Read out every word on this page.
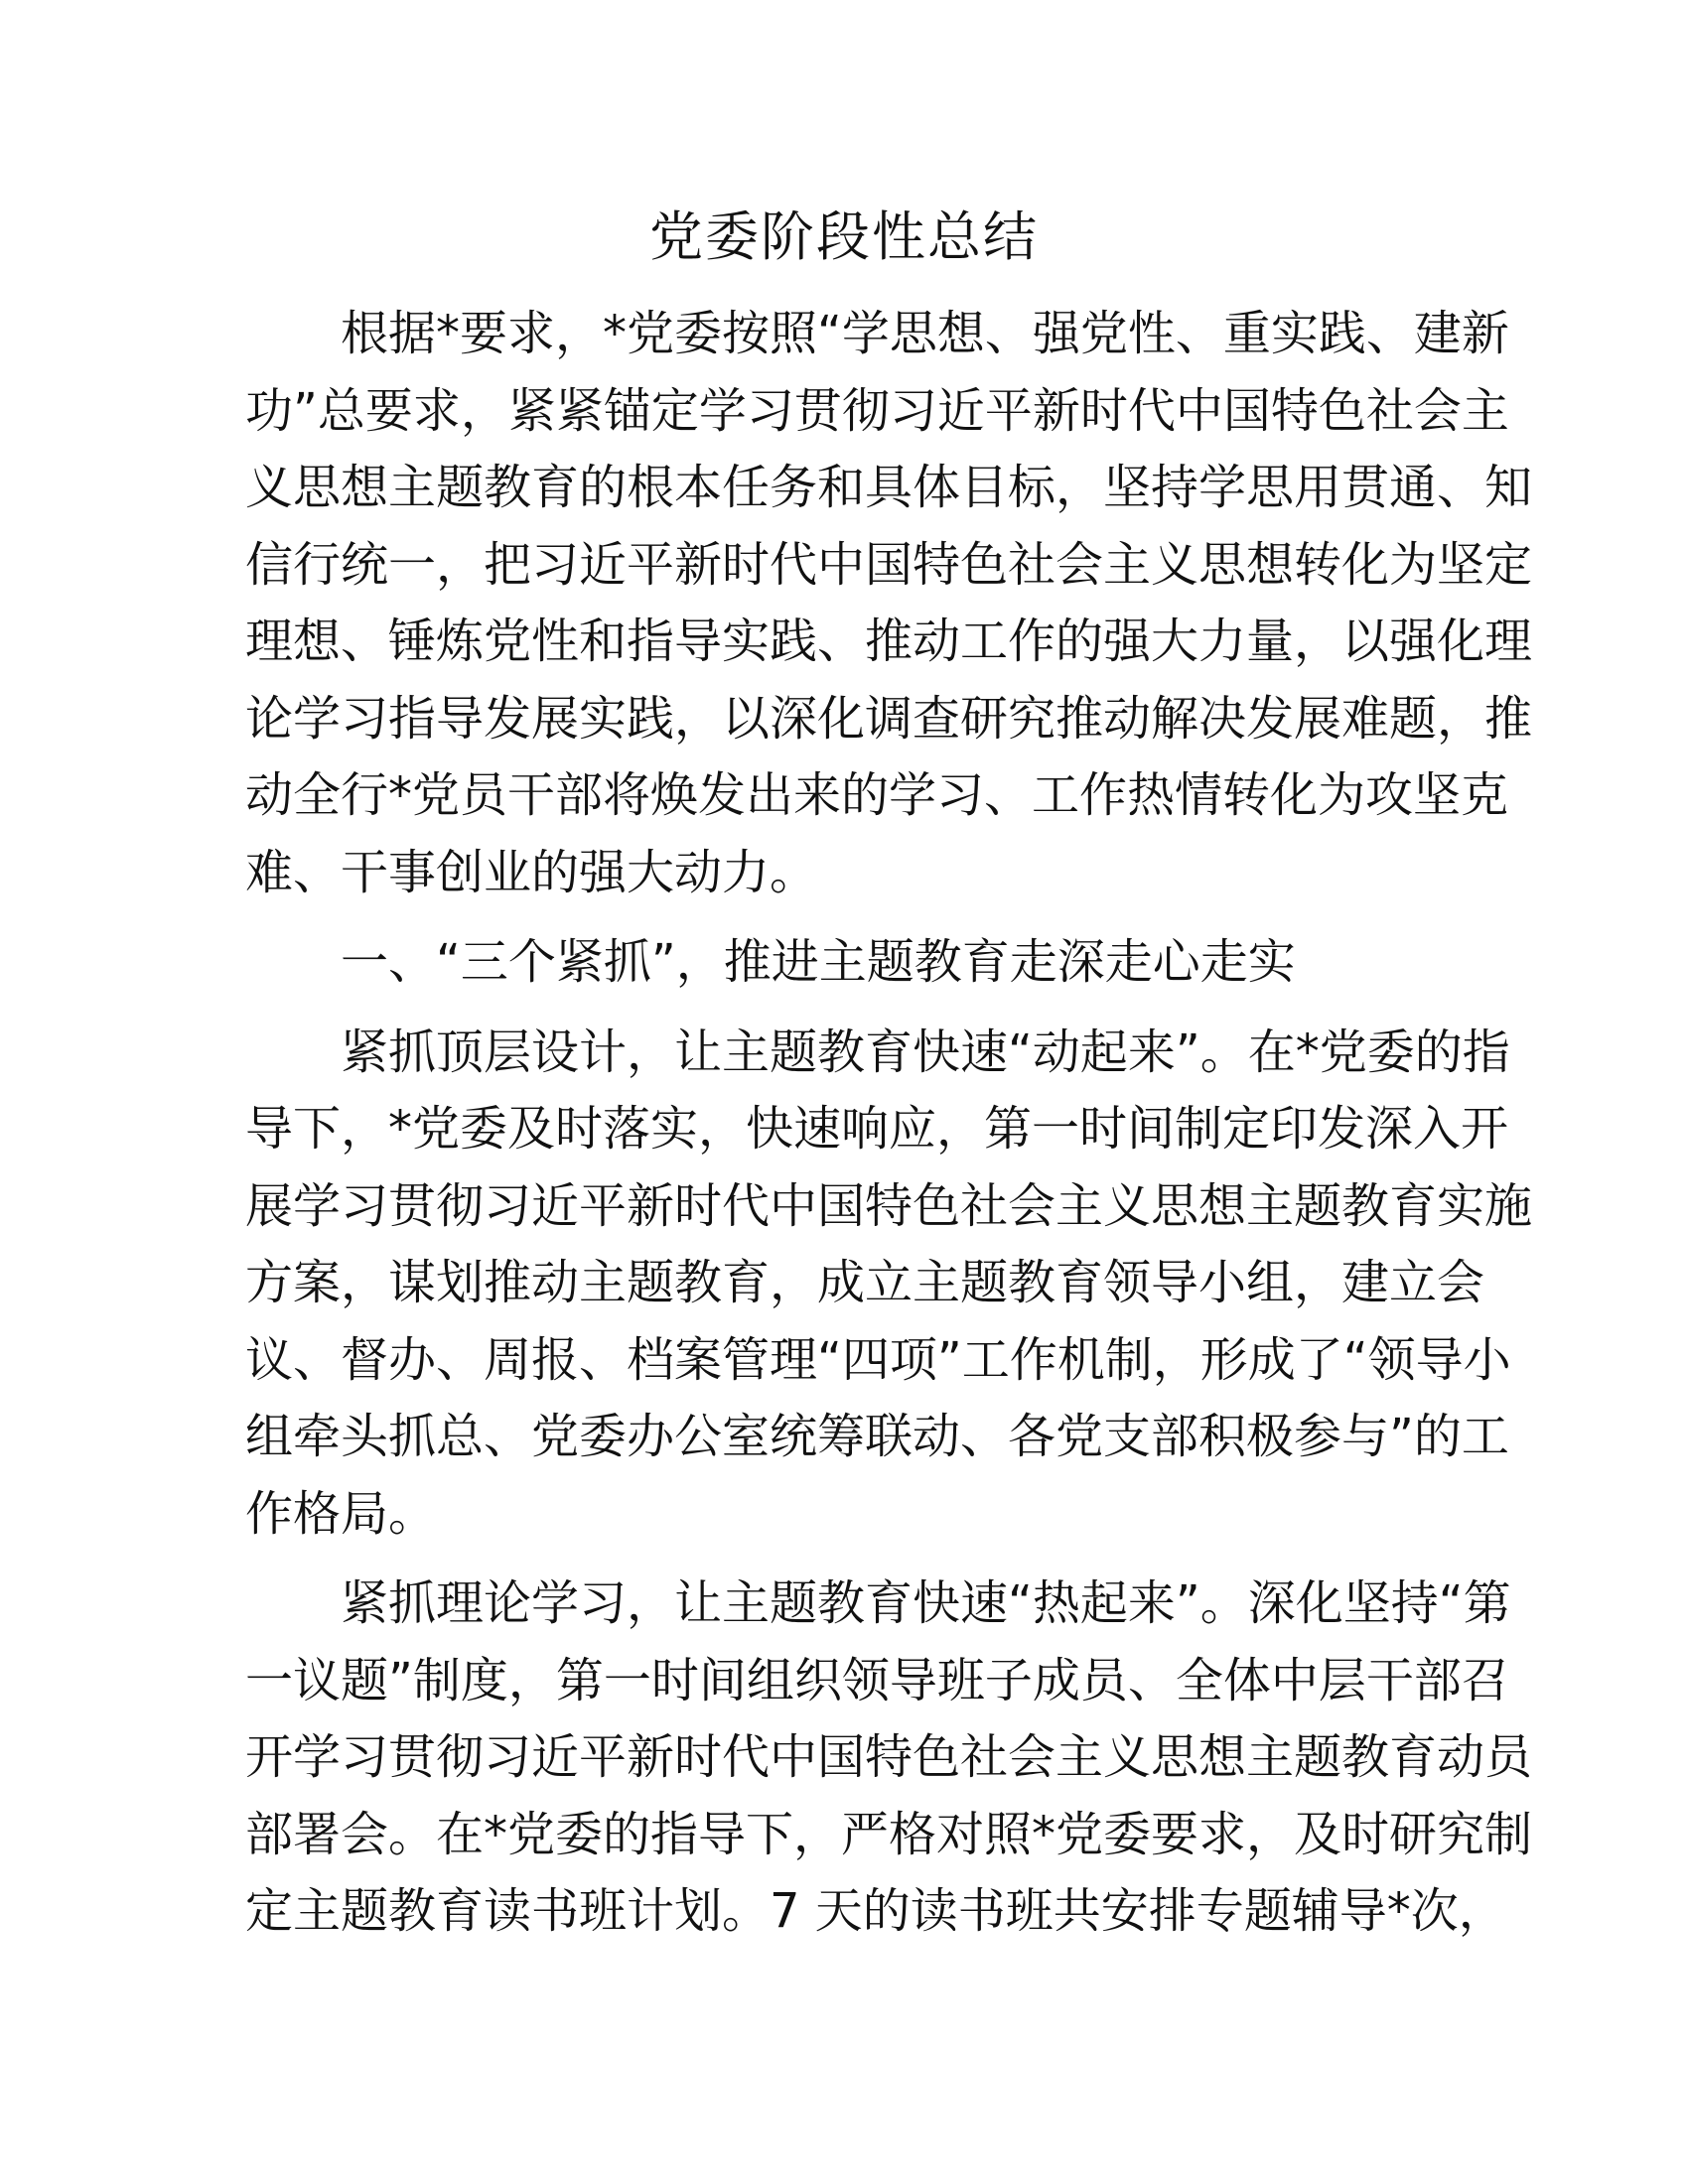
党委阶段性总结
根据*要求，*党委按照“学思想、强党性、重实践、建新
功”总要求，紧紧锚定学习贯彻习近平新时代中国特色社会主
义思想主题教育的根本任务和具体目标，坚持学思用贯通、知
信行统一，把习近平新时代中国特色社会主义思想转化为坚定
理想、锤炼党性和指导实践、推动工作的强大力量，以强化理
论学习指导发展实践，以深化调查研究推动解决发展难题，推
动全行*党员干部将焕发出来的学习、工作热情转化为攻坚克
难、干事创业的强大动力。
一、“三个紧抓”，推进主题教育走深走心走实
紧抓顶层设计，让主题教育快速“动起来”。在*党委的指
导下，*党委及时落实，快速响应，第一时间制定印发深入开
展学习贯彻习近平新时代中国特色社会主义思想主题教育实施
方案，谋划推动主题教育，成立主题教育领导小组，建立会
议、督办、周报、档案管理“四项”工作机制，形成了“领导小
组牵头抓总、党委办公室统筹联动、各党支部积极参与”的工
作格局。
紧抓理论学习，让主题教育快速“热起来”。深化坚持“第
一议题”制度，第一时间组织领导班子成员、全体中层干部召
开学习贯彻习近平新时代中国特色社会主义思想主题教育动员
部署会。在*党委的指导下，严格对照*党委要求，及时研究制
定主题教育读书班计划。7 天的读书班共安排专题辅导*次，
